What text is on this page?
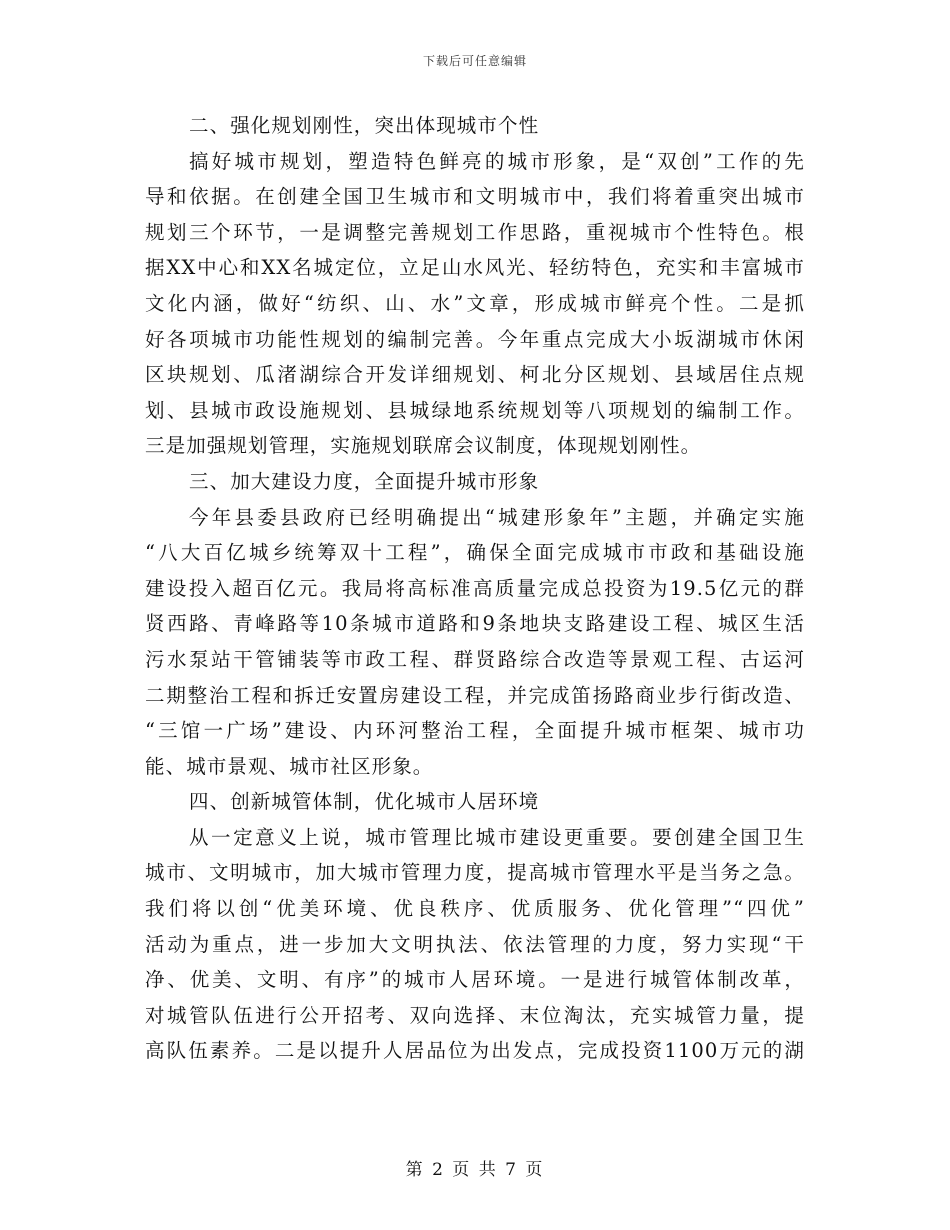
下载后可任意编辑

二、强化规划刚性，突出体现城市个性

搞好城市规划，塑造特色鲜亮的城市形象，是“双创”工作的先

导和依据。在创建全国卫生城市和文明城市中，我们将着重突出城市

规划三个环节，一是调整完善规划工作思路，重视城市个性特色。根

据XX中心和XX名城定位，立足山水风光、轻纺特色，充实和丰富城市

文化内涵，做好“纺织、山、水”文章，形成城市鲜亮个性。二是抓

好各项城市功能性规划的编制完善。今年重点完成大小坂湖城市休闲

区块规划、瓜渚湖综合开发详细规划、柯北分区规划、县域居住点规

划、县城市政设施规划、县城绿地系统规划等八项规划的编制工作。

三是加强规划管理，实施规划联席会议制度，体现规划刚性。

三、加大建设力度，全面提升城市形象

今年县委县政府已经明确提出“城建形象年”主题，并确定实施

“八大百亿城乡统筹双十工程”，确保全面完成城市市政和基础设施

建设投入超百亿元。我局将高标准高质量完成总投资为19.5亿元的群

贤西路、青峰路等10条城市道路和9条地块支路建设工程、城区生活

污水泵站干管铺装等市政工程、群贤路综合改造等景观工程、古运河

二期整治工程和拆迁安置房建设工程，并完成笛扬路商业步行街改造、

“三馆一广场”建设、内环河整治工程，全面提升城市框架、城市功

能、城市景观、城市社区形象。

四、创新城管体制，优化城市人居环境

从一定意义上说，城市管理比城市建设更重要。要创建全国卫生

城市、文明城市，加大城市管理力度，提高城市管理水平是当务之急。

我们将以创“优美环境、优良秩序、优质服务、优化管理”“四优”

活动为重点，进一步加大文明执法、依法管理的力度，努力实现“干

净、优美、文明、有序”的城市人居环境。一是进行城管体制改革，

对城管队伍进行公开招考、双向选择、末位淘汰，充实城管力量，提

高队伍素养。二是以提升人居品位为出发点，完成投资1100万元的湖

第 2 页 共 7 页
